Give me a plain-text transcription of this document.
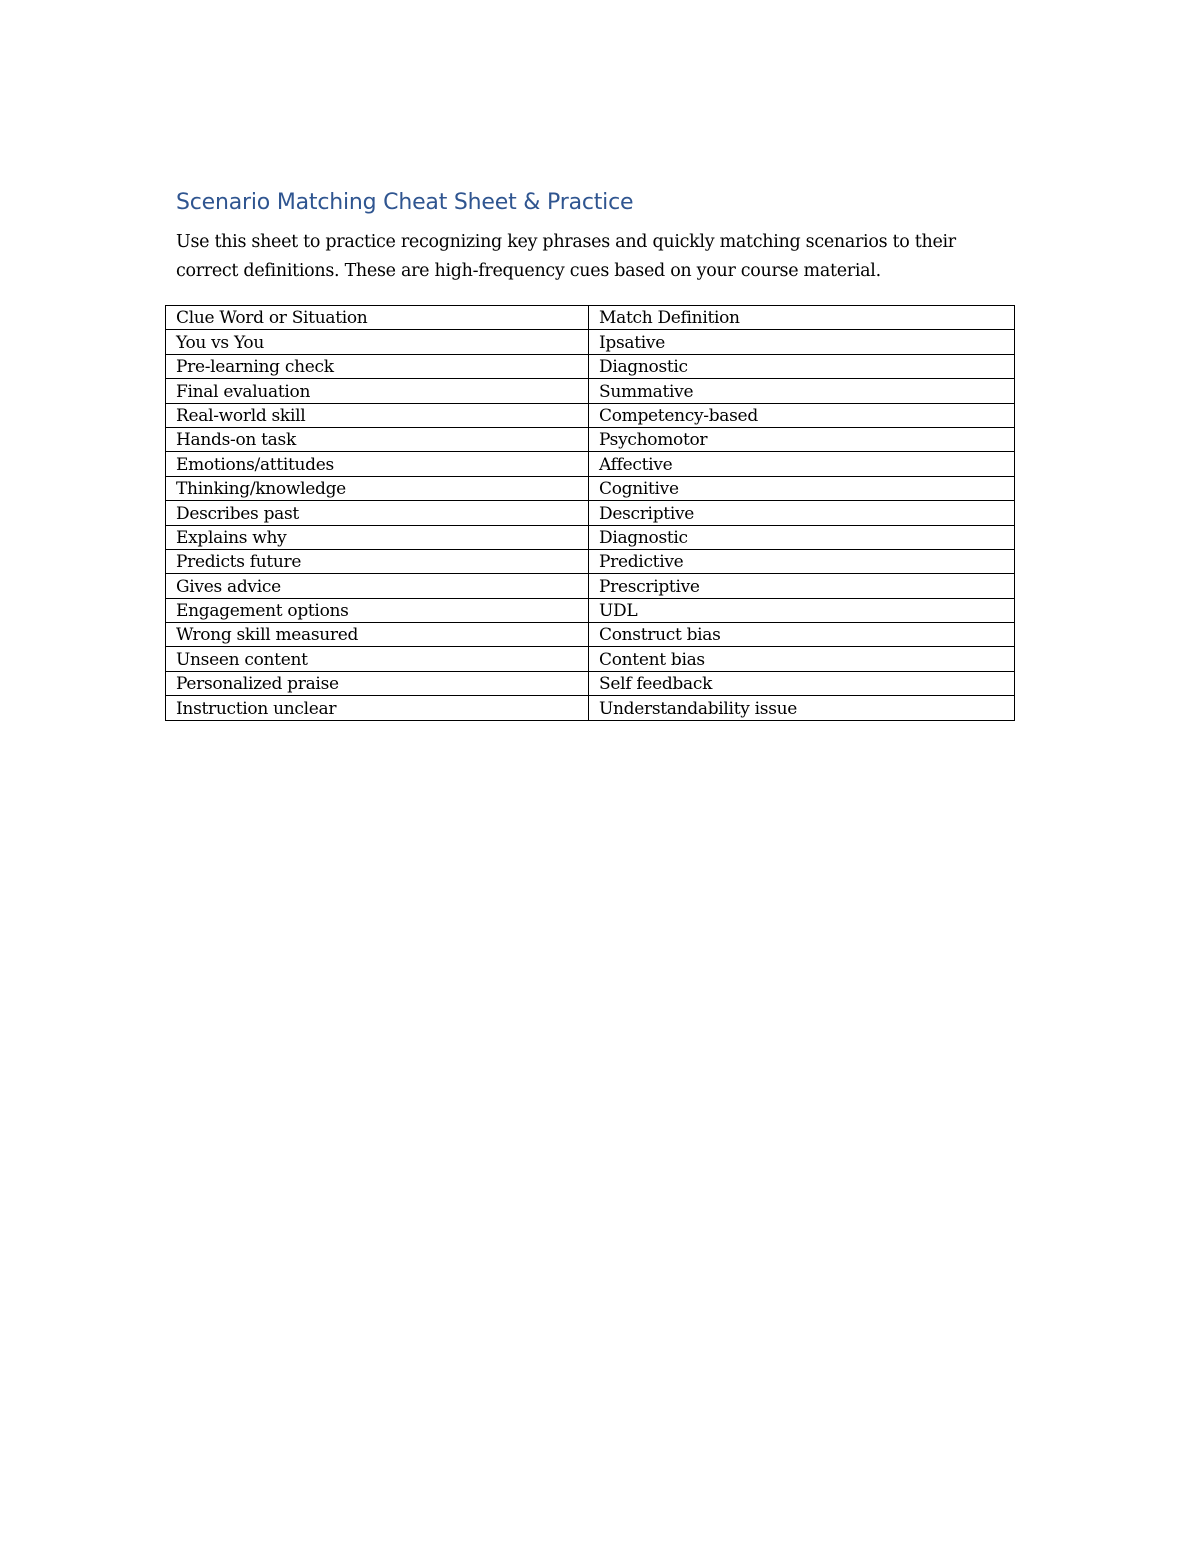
Scenario Matching Cheat Sheet & Practice

Use this sheet to practice recognizing key phrases and quickly matching scenarios to their correct definitions. These are high-frequency cues based on your course material.

Clue Word or Situation	Match Definition
You vs You	Ipsative
Pre-learning check	Diagnostic
Final evaluation	Summative
Real-world skill	Competency-based
Hands-on task	Psychomotor
Emotions/attitudes	Affective
Thinking/knowledge	Cognitive
Describes past	Descriptive
Explains why	Diagnostic
Predicts future	Predictive
Gives advice	Prescriptive
Engagement options	UDL
Wrong skill measured	Construct bias
Unseen content	Content bias
Personalized praise	Self feedback
Instruction unclear	Understandability issue
